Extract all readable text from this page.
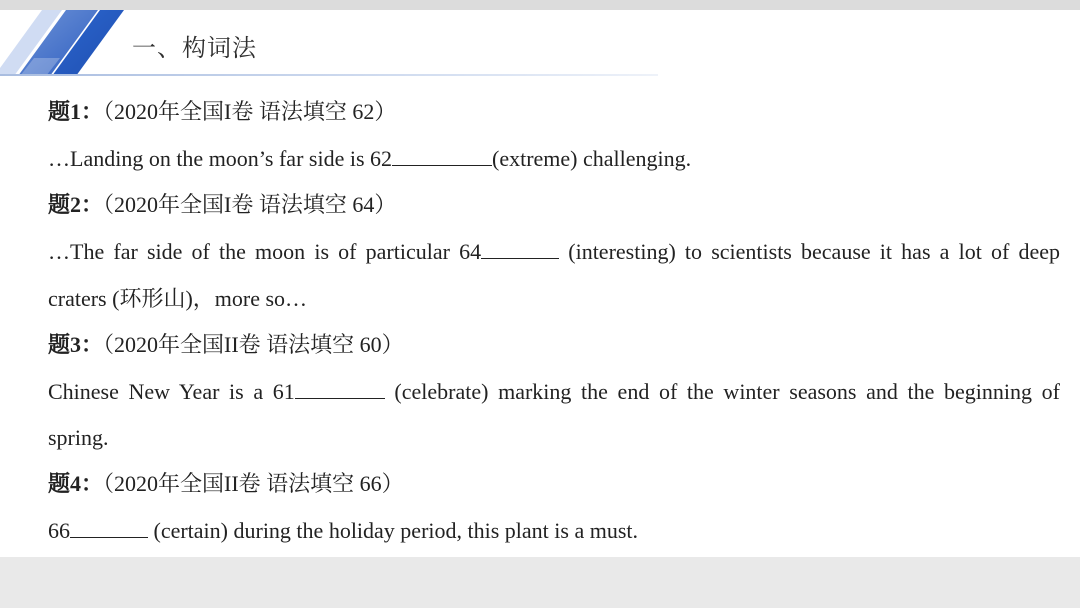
一、构词法
题1：（2020年全国I卷 语法填空 62）
…Landing on the moon’s far side is 62	(extreme) challenging.
题2：（2020年全国I卷 语法填空 64）
…The far side of the moon is of particular 64	(interesting) to scientists because it has a lot of deep
craters (环形山)，more so…
题3：（2020年全国II卷 语法填空 60）
Chinese New Year is a 61	(celebrate) marking the end of the winter seasons and the beginning of
spring.
题4：（2020年全国II卷 语法填空 66）
66	(certain) during the holiday period, this plant is a must.
